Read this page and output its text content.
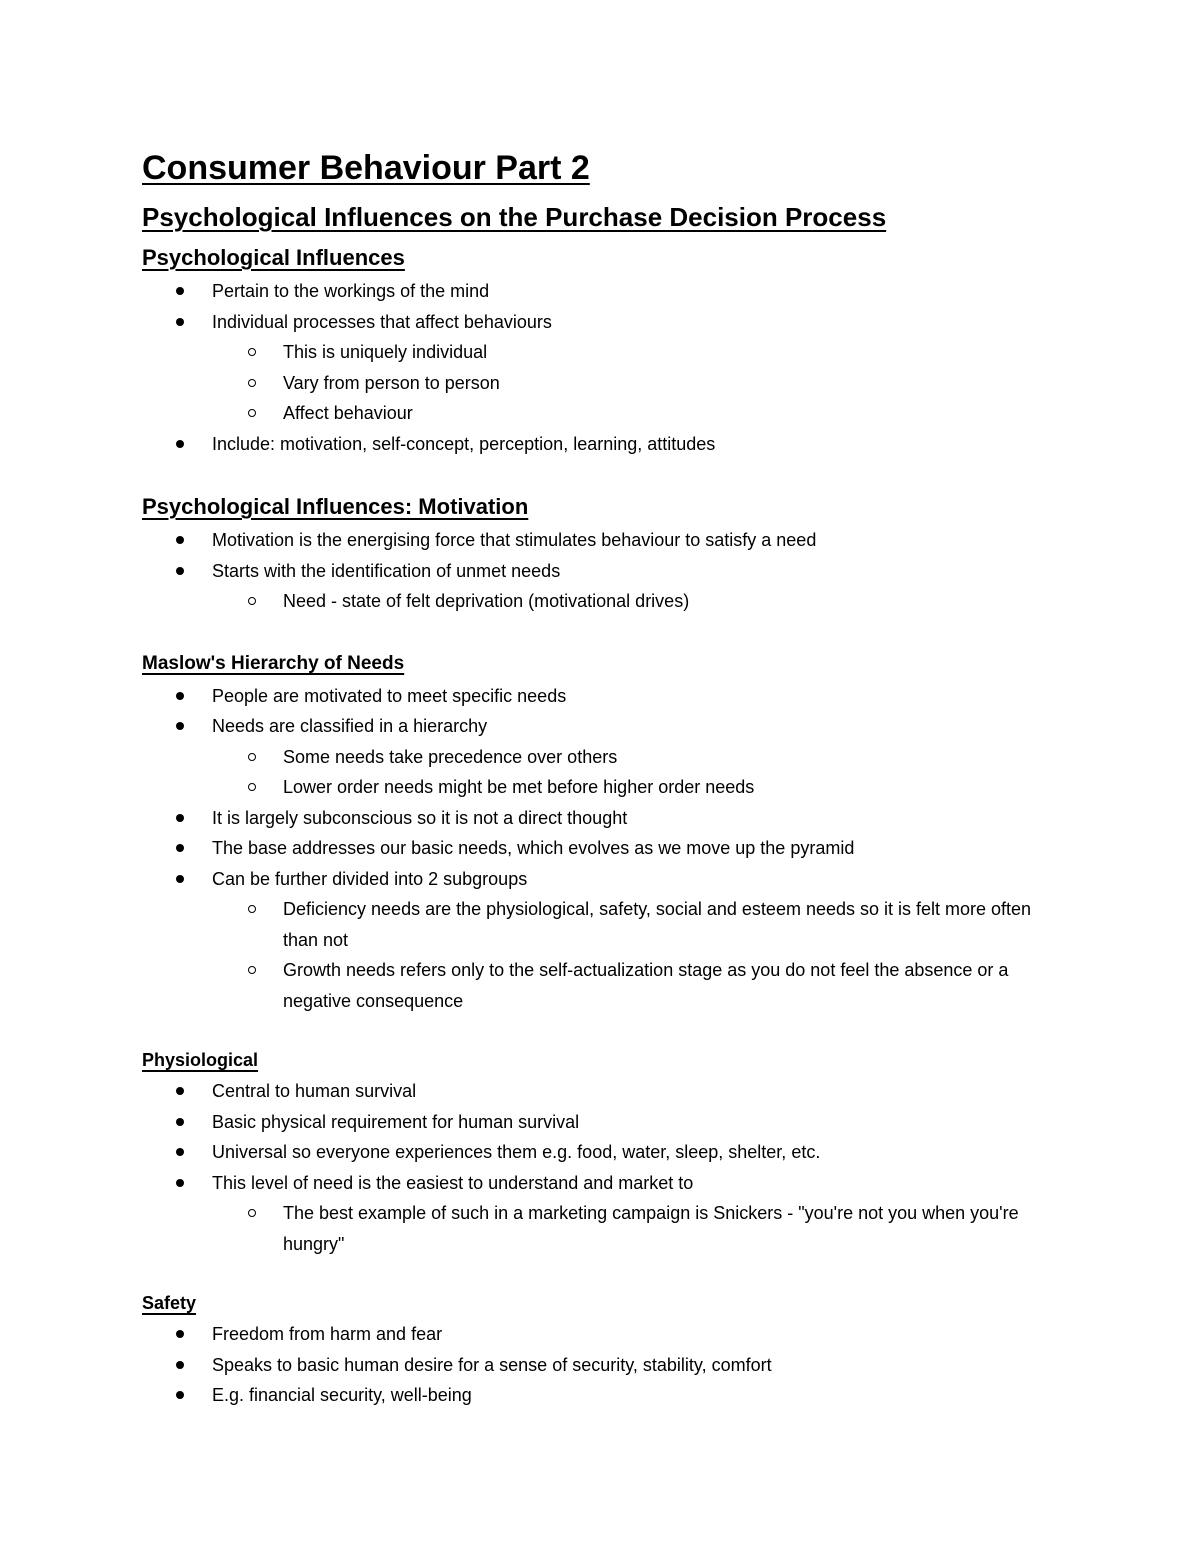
Consumer Behaviour Part 2
Psychological Influences on the Purchase Decision Process
Psychological Influences
Pertain to the workings of the mind
Individual processes that affect behaviours
This is uniquely individual
Vary from person to person
Affect behaviour
Include: motivation, self-concept, perception, learning, attitudes
Psychological Influences: Motivation
Motivation is the energising force that stimulates behaviour to satisfy a need
Starts with the identification of unmet needs
Need - state of felt deprivation (motivational drives)
Maslow's Hierarchy of Needs
People are motivated to meet specific needs
Needs are classified in a hierarchy
Some needs take precedence over others
Lower order needs might be met before higher order needs
It is largely subconscious so it is not a direct thought
The base addresses our basic needs, which evolves as we move up the pyramid
Can be further divided into 2 subgroups
Deficiency needs are the physiological, safety, social and esteem needs so it is felt more often than not
Growth needs refers only to the self-actualization stage as you do not feel the absence or a negative consequence
Physiological
Central to human survival
Basic physical requirement for human survival
Universal so everyone experiences them e.g. food, water, sleep, shelter, etc.
This level of need is the easiest to understand and market to
The best example of such in a marketing campaign is Snickers - "you're not you when you're hungry"
Safety
Freedom from harm and fear
Speaks to basic human desire for a sense of security, stability, comfort
E.g. financial security, well-being
